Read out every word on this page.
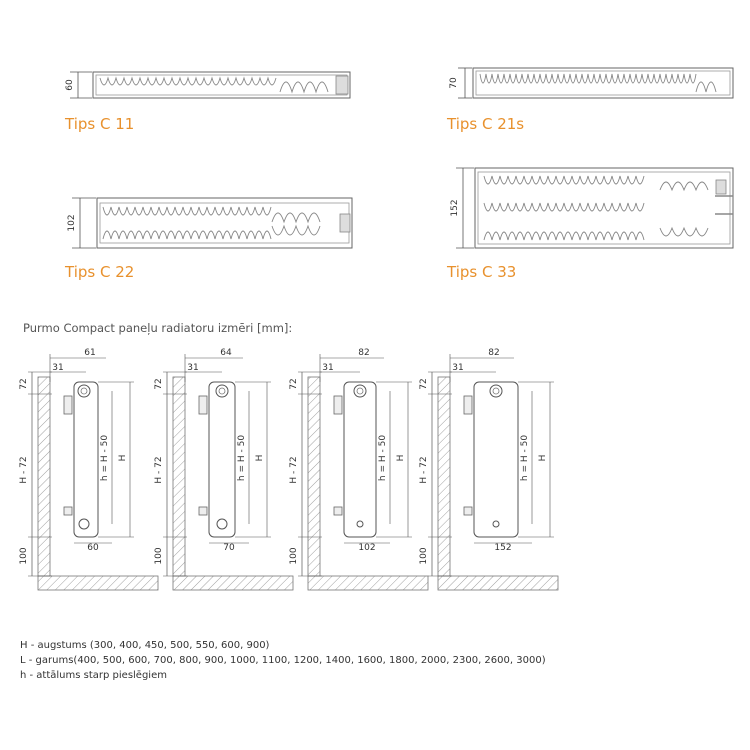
60
Tips C 11
70
Tips C 21s
102
Tips C 22
152
Tips C 33
72
H - 72
100
31
61
60
h = H - 50 H
72
H - 72
100
31
64
70
h = H - 50 H
72
H - 72
100
31
82
102
h = H - 50 H
72
H - 72
100
31
82
152
h = H - 50 H
Purmo Compact paneļu radiatoru izmēri [mm]:
H - augstums (300, 400, 450, 500, 550, 600, 900)
L - garums(400, 500, 600, 700, 800, 900, 1000, 1100, 1200, 1400, 1600, 1800, 2000, 2300, 2600, 3000)
h - attālums starp pieslēgiem
